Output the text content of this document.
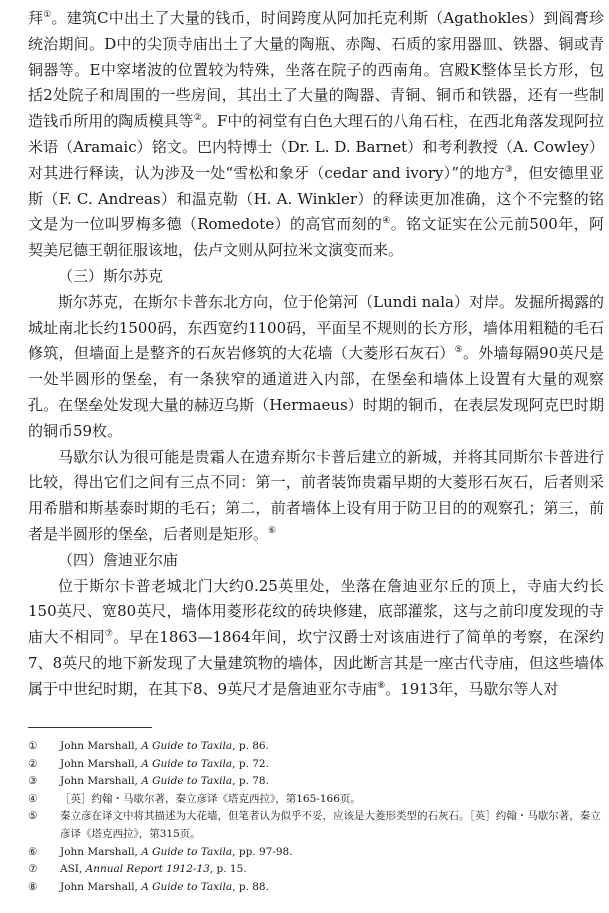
拜①。建筑C中出土了大量的钱币，时间跨度从阿加托克利斯（Agathokles）到阎膏珍统治期间。D中的尖顶寺庙出土了大量的陶瓶、赤陶、石质的家用器皿、铁器、铜或青铜器等。E中窣堵波的位置较为特殊，坐落在院子的西南角。宫殿K整体呈长方形，包括2处院子和周围的一些房间，其出土了大量的陶器、青铜、铜币和铁器，还有一些制造钱币所用的陶质模具等②。F中的祠堂有白色大理石的八角石柱，在西北角落发现阿拉米语（Aramaic）铭文。巴内特博士（Dr. L. D. Barnet）和考利教授（A. Cowley）对其进行释读，认为涉及一处“雪松和象牙（cedar and ivory）”的地方③，但安德里亚斯（F. C. Andreas）和温克勒（H. A. Winkler）的释读更加准确，这个不完整的铭文是为一位叫罗梅多德（Romedote）的高官而刻的④。铭文证实在公元前500年，阿契美尼德王朝征服该地，佉卢文则从阿拉米文演变而来。

（三）斯尔苏克

斯尔苏克，在斯尔卡普东北方向，位于伦第河（Lundi nala）对岸。发掘所揭露的城址南北长约1500码，东西宽约1100码，平面呈不规则的长方形，墙体用粗糙的毛石修筑，但墙面上是整齐的石灰岩修筑的大花墙（大菱形石灰石）⑤。外墙每隔90英尺是一处半圆形的堡垒，有一条狭窄的通道进入内部，在堡垒和墙体上设置有大量的观察孔。在堡垒处发现大量的赫迈乌斯（Hermaeus）时期的铜币，在表层发现阿克巴时期的铜币59枚。

马歇尔认为很可能是贵霜人在遗弃斯尔卡普后建立的新城，并将其同斯尔卡普进行比较，得出它们之间有三点不同：第一，前者装饰贵霜早期的大菱形石灰石，后者则采用希腊和斯基泰时期的毛石；第二，前者墙体上设有用于防卫目的的观察孔；第三，前者是半圆形的堡垒，后者则是矩形。⑥

（四）詹迪亚尔庙

位于斯尔卡普老城北门大约0.25英里处，坐落在詹迪亚尔丘的顶上，寺庙大约长150英尺、宽80英尺，墙体用菱形花纹的砖块修建，底部灌浆，这与之前印度发现的寺庙大不相同⑦。早在1863—1864年间，坎宁汉爵士对该庙进行了简单的考察，在深约7、8英尺的地下新发现了大量建筑物的墙体，因此断言其是一座古代寺庙，但这些墙体属于中世纪时期，在其下8、9英尺才是詹迪亚尔寺庙⑧。1913年，马歇尔等人对

①	John Marshall, A Guide to Taxila, p. 86.
②	John Marshall, A Guide to Taxila, p. 72.
③	John Marshall, A Guide to Taxila, p. 78.
④	［英］约翰・马歇尔著，秦立彦译《塔克西拉》，第165-166页。
⑤	秦立彦在译文中将其描述为大花墙，但笔者认为似乎不妥，应该是大菱形类型的石灰石。［英］约翰・马歇尔著，秦立彦译《塔克西拉》，第315页。
⑥	John Marshall, A Guide to Taxila, pp. 97-98.
⑦	ASI, Annual Report 1912-13, p. 15.
⑧	John Marshall, A Guide to Taxila, p. 88.
